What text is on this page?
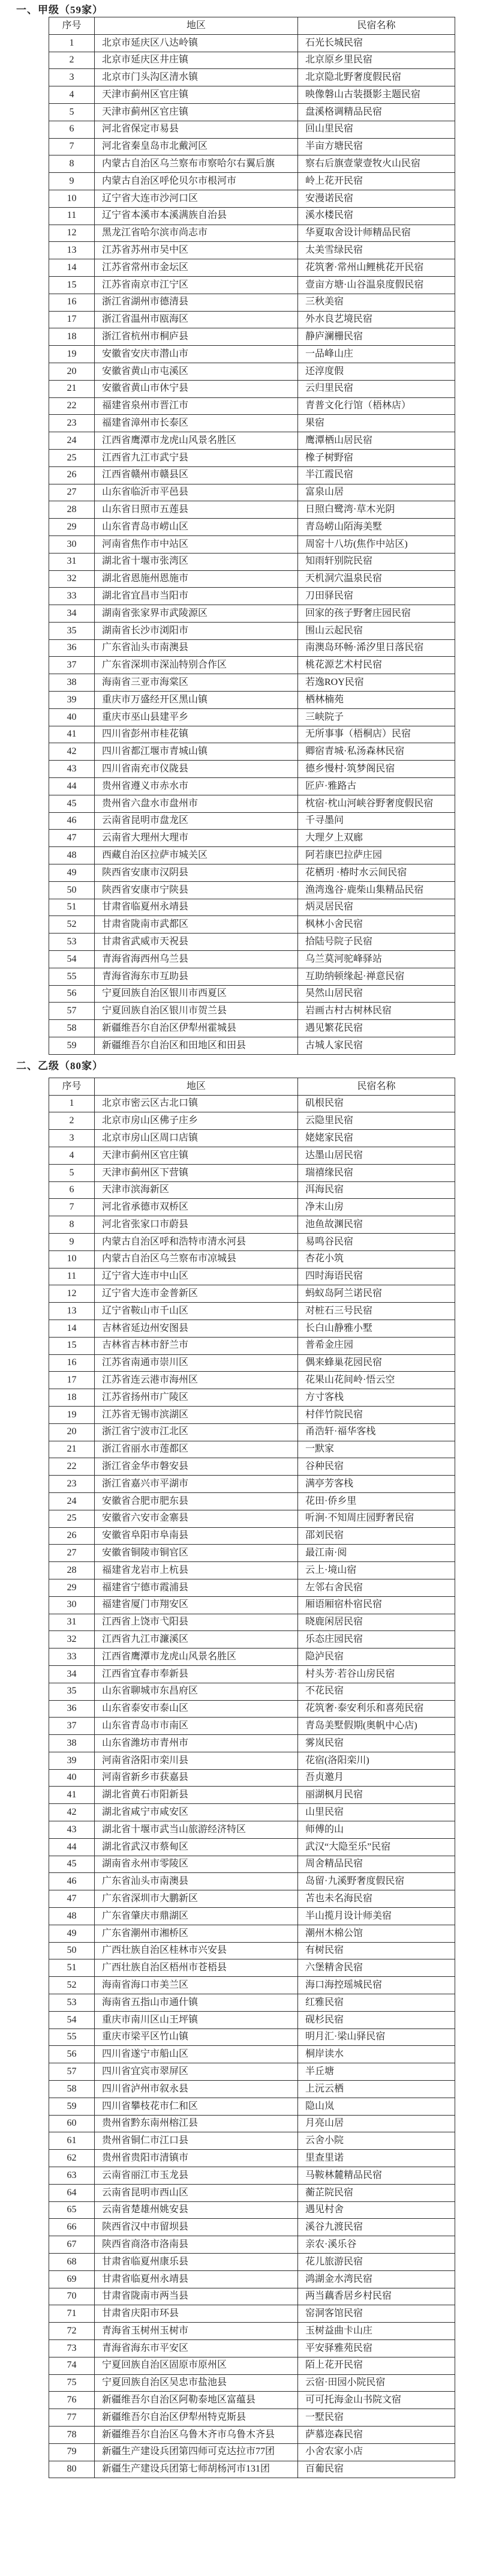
一、甲级（59家）
序号	地区	民宿名称
1	北京市延庆区八达岭镇	石光长城民宿
2	北京市延庆区井庄镇	北京原乡里民宿
3	北京市门头沟区清水镇	北京隐北野奢度假民宿
4	天津市蓟州区官庄镇	映像磐山古装摄影主题民宿
5	天津市蓟州区官庄镇	盘溪格调精品民宿
6	河北省保定市易县	回山里民宿
7	河北省秦皇岛市北戴河区	半亩方塘民宿
8	内蒙古自治区乌兰察布市察哈尔右翼后旗	察右后旗壹蒙壹牧火山民宿
9	内蒙古自治区呼伦贝尔市根河市	岭上花开民宿
10	辽宁省大连市沙河口区	安漫诺民宿
11	辽宁省本溪市本溪满族自治县	溪水楼民宿
12	黑龙江省哈尔滨市尚志市	华夏取舍设计师精品民宿
13	江苏省苏州市吴中区	太美雪绿民宿
14	江苏省常州市金坛区	花筑奢·常州山鲤桃花开民宿
15	江苏省南京市江宁区	壹亩方塘·山谷温泉度假民宿
16	浙江省湖州市德清县	三秋美宿
17	浙江省温州市瓯海区	外水良艺境民宿
18	浙江省杭州市桐庐县	静庐澜栅民宿
19	安徽省安庆市潜山市	一品峰山庄
20	安徽省黄山市屯溪区	还淳度假
21	安徽省黄山市休宁县	云归里民宿
22	福建省泉州市晋江市	青普文化行馆（梧林店）
23	福建省漳州市长泰区	果宿
24	江西省鹰潭市龙虎山风景名胜区	鹰潭栖山居民宿
25	江西省九江市武宁县	橡子树野宿
26	江西省赣州市赣县区	半江霞民宿
27	山东省临沂市平邑县	富泉山居
28	山东省日照市五莲县	日照白鹭湾·草木光阴
29	山东省青岛市崂山区	青岛崂山陌海美墅
30	河南省焦作市中站区	周窑十八坊(焦作中站区)
31	湖北省十堰市张湾区	知雨轩别院民宿
32	湖北省恩施州恩施市	天机洞穴温泉民宿
33	湖北省宜昌市当阳市	刀田驿民宿
34	湖南省张家界市武陵源区	回家的孩子野奢庄园民宿
35	湖南省长沙市浏阳市	围山云起民宿
36	广东省汕头市南澳县	南澳岛环畅·浠汐里日落民宿
37	广东省深圳市深汕特别合作区	桃花源艺术村民宿
38	海南省三亚市海棠区	若逸ROY民宿
39	重庆市万盛经开区黑山镇	栖林楠苑
40	重庆市巫山县建平乡	三峡院子
41	四川省彭州市桂花镇	无所事事（梧桐店）民宿
42	四川省都江堰市青城山镇	卿宿青城·私汤森林民宿
43	四川省南充市仪陇县	德乡慢村·筑梦阁民宿
44	贵州省遵义市赤水市	匠庐·雅路古
45	贵州省六盘水市盘州市	枕宿·枕山河峡谷野奢度假民宿
46	云南省昆明市盘龙区	千寻墨问
47	云南省大理州大理市	大理夕上双廊
48	西藏自治区拉萨市城关区	阿若康巴拉萨庄园
49	陕西省安康市汉阴县	花栖玥 ·椿时水云间民宿
50	陕西省安康市宁陕县	渔湾逸谷·鹿柴山集精品民宿
51	甘肃省临夏州永靖县	炳灵居民宿
52	甘肃省陇南市武都区	枫林小舍民宿
53	甘肃省武威市天祝县	拾陆号院子民宿
54	青海省海西州乌兰县	乌兰莫河驼峰驿站
55	青海省海东市互助县	互助纳顿缘起·禅意民宿
56	宁夏回族自治区银川市西夏区	昊然山居民宿
57	宁夏回族自治区银川市贺兰县	岩画古村古树林民宿
58	新疆维吾尔自治区伊犁州霍城县	遇见繁花民宿
59	新疆维吾尔自治区和田地区和田县	古城人家民宿
二、乙级（80家）
序号	地区	民宿名称
1	北京市密云区古北口镇	矶根民宿
2	北京市房山区佛子庄乡	云隐里民宿
3	北京市房山区周口店镇	姥姥家民宿
4	天津市蓟州区官庄镇	达墨山居民宿
5	天津市蓟州区下营镇	瑞禧缘民宿
6	天津市滨海新区	洱海民宿
7	河北省承德市双桥区	净末山房
8	河北省张家口市蔚县	池鱼故渊民宿
9	内蒙古自治区呼和浩特市清水河县	易鸣谷民宿
10	内蒙古自治区乌兰察布市凉城县	杏花小筑
11	辽宁省大连市中山区	四时海语民宿
12	辽宁省大连市金普新区	蚂蚁岛阿兰诺民宿
13	辽宁省鞍山市千山区	对桩石三号民宿
14	吉林省延边州安图县	长白山静雅小墅
15	吉林省吉林市舒兰市	普希金庄园
16	江苏省南通市崇川区	偶来蜂巢花园民宿
17	江苏省连云港市海州区	花果山花间岭·悟云空
18	江苏省扬州市广陵区	方寸客栈
19	江苏省无锡市滨湖区	村伴竹院民宿
20	浙江省宁波市江北区	甬浩轩·福华客栈
21	浙江省丽水市莲都区	一默家
22	浙江省金华市磐安县	谷种民宿
23	浙江省嘉兴市平湖市	满亭芳客栈
24	安徽省合肥市肥东县	花田·侨乡里
25	安徽省六安市金寨县	听涧·不知周庄园野奢民宿
26	安徽省阜阳市阜南县	邵刘民宿
27	安徽省铜陵市铜官区	最江南·阅
28	福建省龙岩市上杭县	云上·境山宿
29	福建省宁德市霞浦县	左邻右舍民宿
30	福建省厦门市翔安区	厢语厢宿朴宿民宿
31	江西省上饶市弋阳县	晓鹿闲居民宿
32	江西省九江市濂溪区	乐态庄园民宿
33	江西省鹰潭市龙虎山风景名胜区	隐泸民宿
34	江西省宜春市奉新县	村头芳·若谷山房民宿
35	山东省聊城市东昌府区	不花民宿
36	山东省泰安市泰山区	花筑奢·泰安利乐和喜苑民宿
37	山东省青岛市市南区	青岛美墅假期(奥帆中心店)
38	山东省潍坊市青州市	雾岚民宿
39	河南省洛阳市栾川县	花宿(洛阳栾川)
40	河南省新乡市获嘉县	吾贞邀月
41	湖北省黄石市阳新县	丽湖枫月民宿
42	湖北省咸宁市咸安区	山里民宿
43	湖北省十堰市武当山旅游经济特区	师傅的山
44	湖北省武汉市蔡甸区	武汉“大隐至乐”民宿
45	湖南省永州市零陵区	周舍精品民宿
46	广东省汕头市南澳县	岛留·九溪野奢度假民宿
47	广东省深圳市大鹏新区	苫也未名海民宿
48	广东省肇庆市鼎湖区	半山揽月设计师美宿
49	广东省潮州市湘桥区	潮州木棉公馆
50	广西壮族自治区桂林市兴安县	有树民宿
51	广西壮族自治区梧州市苍梧县	六堡精舍民宿
52	海南省海口市美兰区	海口海控瑶城民宿
53	海南省五指山市通什镇	红雅民宿
54	重庆市南川区山王坪镇	砚杉民宿
55	重庆市梁平区竹山镇	明月汇·梁山驿民宿
56	四川省遂宁市船山区	桐岸读水
57	四川省宜宾市翠屏区	半丘塘
58	四川省泸州市叙永县	上沅云栖
59	四川省攀枝花市仁和区	隐山岚
60	贵州省黔东南州榕江县	月亮山居
61	贵州省铜仁市江口县	云舍小院
62	贵州省贵阳市清镇市	里查里诺
63	云南省丽江市玉龙县	马鞍林麓精品民宿
64	云南省昆明市西山区	蘅芷院民宿
65	云南省楚雄州姚安县	遇见村舍
66	陕西省汉中市留坝县	溪谷九渡民宿
67	陕西省商洛市洛南县	亲农·溪乐谷
68	甘肃省临夏州康乐县	花儿旅游民宿
69	甘肃省临夏州永靖县	鸿湖金水湾民宿
70	甘肃省陇南市两当县	两当藕香居乡村民宿
71	甘肃省庆阳市环县	窑洞客馆民宿
72	青海省玉树州玉树市	玉树益曲卡山庄
73	青海省海东市平安区	平安驿雅苑民宿
74	宁夏回族自治区固原市原州区	陌上花开民宿
75	宁夏回族自治区吴忠市盐池县	云宿·田园小院民宿
76	新疆维吾尔自治区阿勒泰地区富蕴县	可可托海金山书院文宿
77	新疆维吾尔自治区伊犁州特克斯县	一墅民宿
78	新疆维吾尔自治区乌鲁木齐市乌鲁木齐县	萨慕迩森民宿
79	新疆生产建设兵团第四师可克达拉市77团	小舍农家小店
80	新疆生产建设兵团第七师胡杨河市131团	百葡民宿
